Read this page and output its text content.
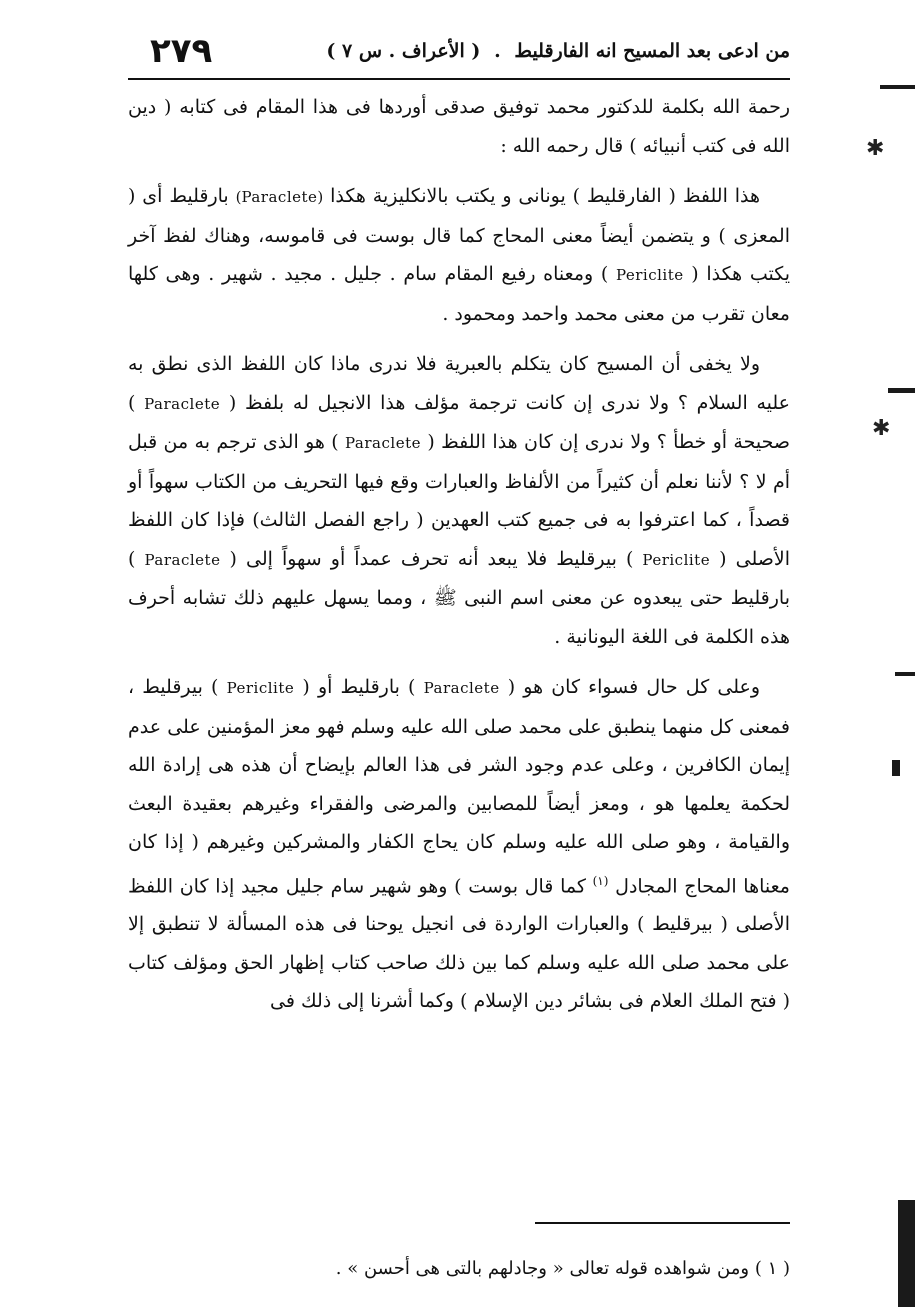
٢٧٩	من ادعى بعد المسيح انه الفارقليط.( الأعراف . س ٧ )

رحمة الله بكلمة للدكتور محمد توفيق صدقى أوردها فى هذا المقام فى كتابه ( دين الله فى كتب أنبيائه ) قال رحمه الله :

هذا اللفظ ( الفارقليط ) يونانى و يكتب بالانكليزية هكذا (Paraclete) بارقليط أى ( المعزى ) و يتضمن أيضاً معنى المحاج كما قال بوست فى قاموسه، وهناك لفظ آخر يكتب هكذا ( Periclite ) ومعناه رفيع المقام سام . جليل . مجيد . شهير . وهى كلها معان تقرب من معنى محمد واحمد ومحمود .

ولا يخفى أن المسيح كان يتكلم بالعبرية فلا ندرى ماذا كان اللفظ الذى نطق به عليه السلام ؟ ولا ندرى إن كانت ترجمة مؤلف هذا الانجيل له بلفظ ( Paraclete ) صحيحة أو خطأ ؟ ولا ندرى إن كان هذا اللفظ ( Paraclete ) هو الذى ترجم به من قبل أم لا ؟ لأننا نعلم أن كثيراً من الألفاظ والعبارات وقع فيها التحريف من الكتاب سهواً أو قصداً ، كما اعترفوا به فى جميع كتب العهدين ( راجع الفصل الثالث) فإذا كان اللفظ الأصلى ( Periclite ) بيرقليط فلا يبعد أنه تحرف عمداً أو سهواً إلى ( Paraclete ) بارقليط حتى يبعدوه عن معنى اسم النبى ﷺ ، ومما يسهل عليهم ذلك تشابه أحرف هذه الكلمة فى اللغة اليونانية .

وعلى كل حال فسواء كان هو ( Paraclete ) بارقليط أو ( Periclite ) بيرقليط ، فمعنى كل منهما ينطبق على محمد صلى الله عليه وسلم فهو معز المؤمنين على عدم إيمان الكافرين ، وعلى عدم وجود الشر فى هذا العالم بإيضاح أن هذه هى إرادة الله لحكمة يعلمها هو ، ومعز أيضاً للمصابين والمرضى والفقراء وغيرهم بعقيدة البعث والقيامة ، وهو صلى الله عليه وسلم كان يحاج الكفار والمشركين وغيرهم ( إذا كان معناها المحاج المجادل $^{(١)}$ كما قال بوست ) وهو شهير سام جليل مجيد إذا كان اللفظ الأصلى ( بيرقليط ) والعبارات الواردة فى انجيل يوحنا فى هذه المسألة لا تنطبق إلا على محمد صلى الله عليه وسلم كما بين ذلك صاحب كتاب إظهار الحق ومؤلف كتاب ( فتح الملك العلام فى بشائر دين الإسلام ) وكما أشرنا إلى ذلك فى

( ١ ) ومن شواهده قوله تعالى « وجادلهم بالتى هى أحسن » .
✱
✱
